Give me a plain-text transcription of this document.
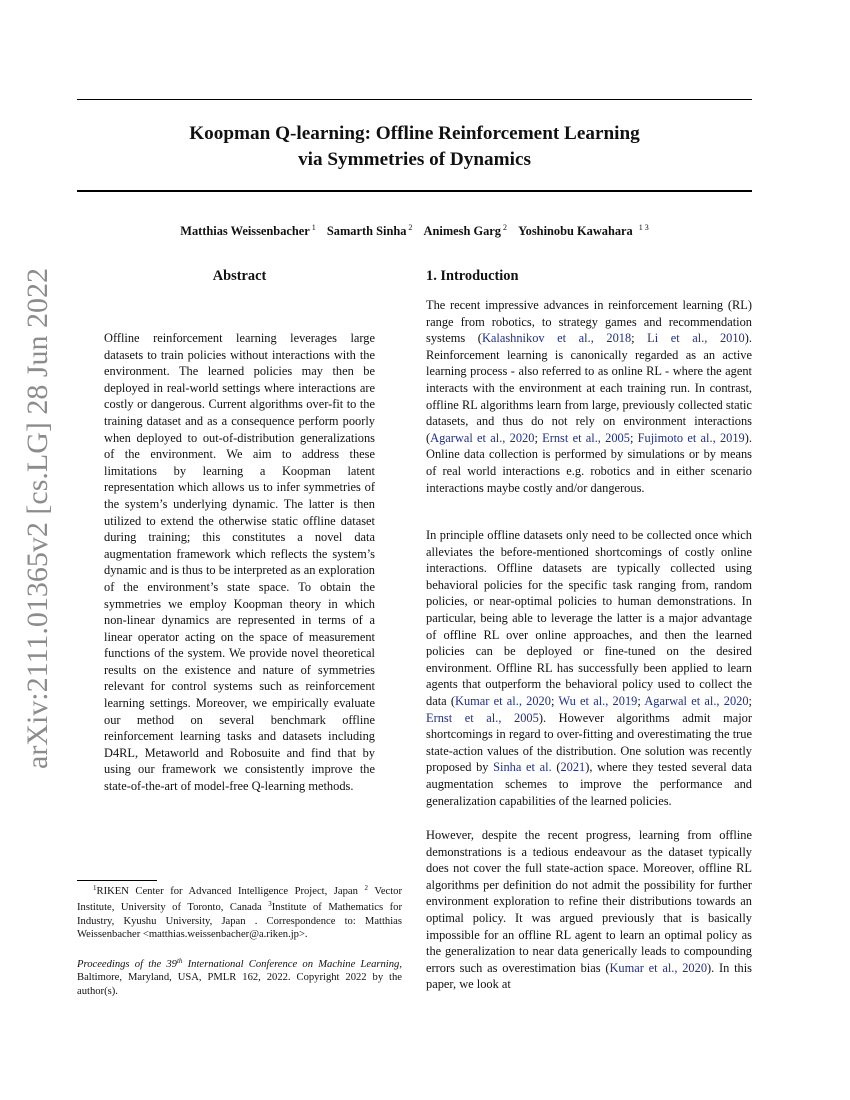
arXiv:2111.01365v2 [cs.LG] 28 Jun 2022
Koopman Q-learning: Offline Reinforcement Learning
via Symmetries of Dynamics
Matthias Weissenbacher $^1$ Samarth Sinha $^2$ Animesh Garg $^2$ Yoshinobu Kawahara $^{1 3}$
Abstract
Offline reinforcement learning leverages large datasets to train policies without interactions with the environment. The learned policies may then be deployed in real-world settings where interactions are costly or dangerous. Current algorithms over-fit to the training dataset and as a consequence perform poorly when deployed to out-of-distribution generalizations of the environment. We aim to address these limitations by learning a Koopman latent representation which allows us to infer symmetries of the system’s underlying dynamic. The latter is then utilized to extend the otherwise static offline dataset during training; this constitutes a novel data augmentation framework which reflects the system’s dynamic and is thus to be interpreted as an exploration of the environment’s state space. To obtain the symmetries we employ Koopman theory in which non-linear dynamics are represented in terms of a linear operator acting on the space of measurement functions of the system. We provide novel theoretical results on the existence and nature of symmetries relevant for control systems such as reinforcement learning settings. Moreover, we empirically evaluate our method on several benchmark offline reinforcement learning tasks and datasets including D4RL, Metaworld and Robosuite and find that by using our framework we consistently improve the state-of-the-art of model-free Q-learning methods.
$^1$RIKEN Center for Advanced Intelligence Project, Japan $^2$ Vector Institute, University of Toronto, Canada $^3$Institute of Mathematics for Industry, Kyushu University, Japan . Correspondence to: Matthias Weissenbacher <matthias.weissenbacher@a.riken.jp>.
Proceedings of the 39th International Conference on Machine Learning, Baltimore, Maryland, USA, PMLR 162, 2022. Copyright 2022 by the author(s).
1. Introduction
The recent impressive advances in reinforcement learning (RL) range from robotics, to strategy games and recommendation systems (Kalashnikov et al., 2018; Li et al., 2010). Reinforcement learning is canonically regarded as an active learning process - also referred to as online RL - where the agent interacts with the environment at each training run. In contrast, offline RL algorithms learn from large, previously collected static datasets, and thus do not rely on environment interactions (Agarwal et al., 2020; Ernst et al., 2005; Fujimoto et al., 2019). Online data collection is performed by simulations or by means of real world interactions e.g. robotics and in either scenario interactions maybe costly and/or dangerous.
In principle offline datasets only need to be collected once which alleviates the before-mentioned shortcomings of costly online interactions. Offline datasets are typically collected using behavioral policies for the specific task ranging from, random policies, or near-optimal policies to human demonstrations. In particular, being able to leverage the latter is a major advantage of offline RL over online approaches, and then the learned policies can be deployed or fine-tuned on the desired environment. Offline RL has successfully been applied to learn agents that outperform the behavioral policy used to collect the data (Kumar et al., 2020; Wu et al., 2019; Agarwal et al., 2020; Ernst et al., 2005). However algorithms admit major shortcomings in regard to over-fitting and overestimating the true state-action values of the distribution. One solution was recently proposed by Sinha et al. (2021), where they tested several data augmentation schemes to improve the performance and generalization capabilities of the learned policies.
However, despite the recent progress, learning from offline demonstrations is a tedious endeavour as the dataset typically does not cover the full state-action space. Moreover, offline RL algorithms per definition do not admit the possibility for further environment exploration to refine their distributions towards an optimal policy. It was argued previously that is basically impossible for an offline RL agent to learn an optimal policy as the generalization to near data generically leads to compounding errors such as overestimation bias (Kumar et al., 2020). In this paper, we look at
